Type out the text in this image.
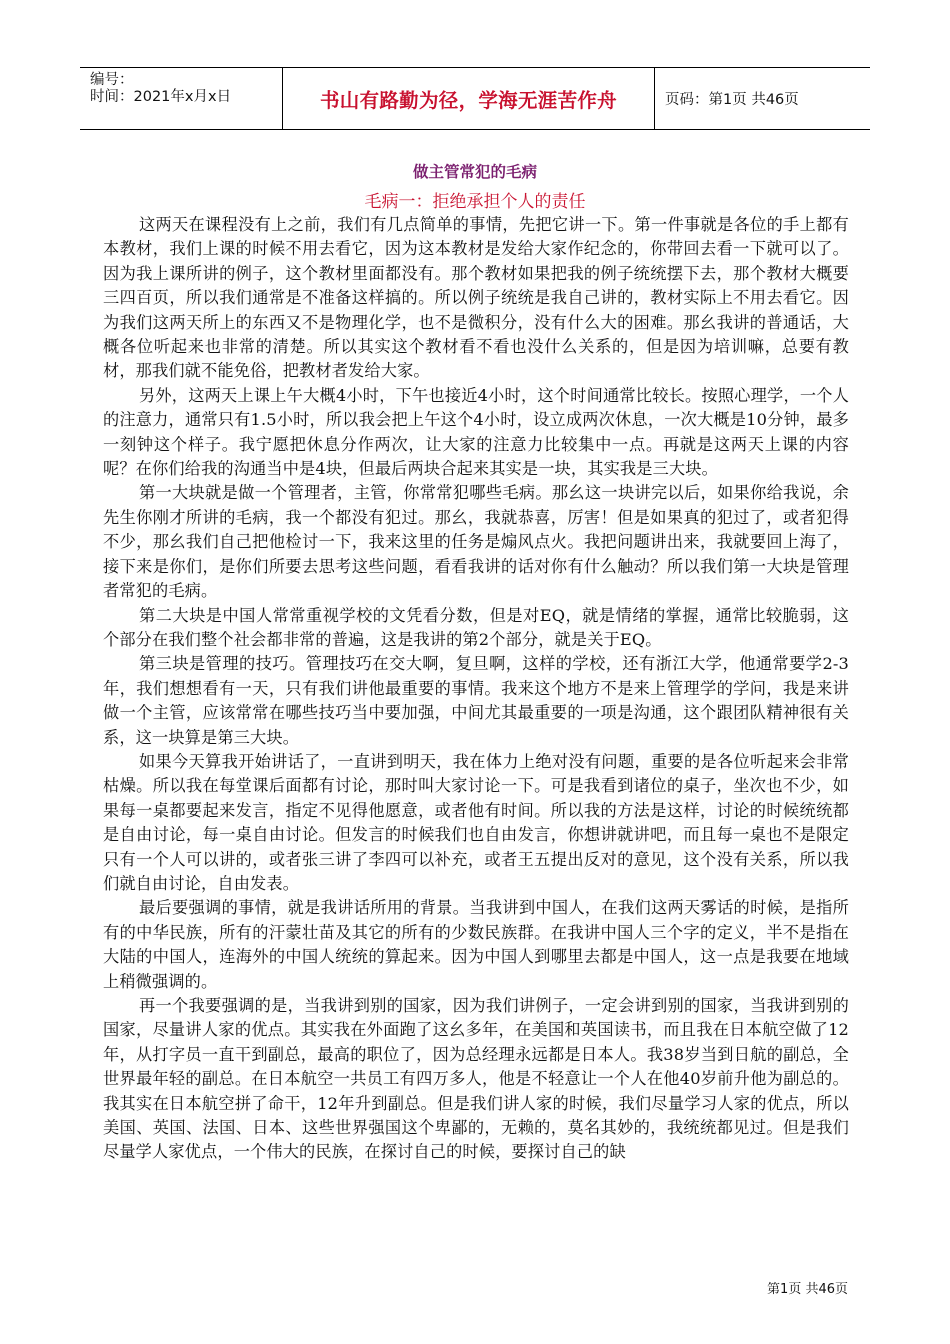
编号：
时间：2021年x月x日	书山有路勤为径，学海无涯苦作舟	页码：第1页 共46页
做主管常犯的毛病
毛病一：拒绝承担个人的责任

这两天在课程没有上之前，我们有几点简单的事情，先把它讲一下。第一件事就是各位的手上都有本教材，我们上课的时候不用去看它，因为这本教材是发给大家作纪念的，你带回去看一下就可以了。因为我上课所讲的例子，这个教材里面都没有。那个教材如果把我的例子统统摆下去，那个教材大概要三四百页，所以我们通常是不准备这样搞的。所以例子统统是我自己讲的，教材实际上不用去看它。因为我们这两天所上的东西又不是物理化学，也不是微积分，没有什么大的困难。那幺我讲的普通话，大概各位听起来也非常的清楚。所以其实这个教材看不看也没什么关系的，但是因为培训嘛，总要有教材，那我们就不能免俗，把教材者发给大家。

另外，这两天上课上午大概4小时，下午也接近4小时，这个时间通常比较长。按照心理学，一个人的注意力，通常只有1.5小时，所以我会把上午这个4小时，设立成两次休息，一次大概是10分钟，最多一刻钟这个样子。我宁愿把休息分作两次，让大家的注意力比较集中一点。再就是这两天上课的内容呢？在你们给我的沟通当中是4块，但最后两块合起来其实是一块，其实我是三大块。

第一大块就是做一个管理者，主管，你常常犯哪些毛病。那幺这一块讲完以后，如果你给我说，余先生你刚才所讲的毛病，我一个都没有犯过。那幺，我就恭喜，厉害！但是如果真的犯过了，或者犯得不少，那幺我们自己把他检讨一下，我来这里的任务是煽风点火。我把问题讲出来，我就要回上海了，接下来是你们，是你们所要去思考这些问题，看看我讲的话对你有什么触动？所以我们第一大块是管理者常犯的毛病。

第二大块是中国人常常重视学校的文凭看分数，但是对EQ，就是情绪的掌握，通常比较脆弱，这个部分在我们整个社会都非常的普遍，这是我讲的第2个部分，就是关于EQ。

第三块是管理的技巧。管理技巧在交大啊，复旦啊，这样的学校，还有浙江大学，他通常要学2-3年，我们想想看有一天，只有我们讲他最重要的事情。我来这个地方不是来上管理学的学问，我是来讲做一个主管，应该常常在哪些技巧当中要加强，中间尤其最重要的一项是沟通，这个跟团队精神很有关系，这一块算是第三大块。

如果今天算我开始讲话了，一直讲到明天，我在体力上绝对没有问题，重要的是各位听起来会非常枯燥。所以我在每堂课后面都有讨论，那时叫大家讨论一下。可是我看到诸位的桌子，坐次也不少，如果每一桌都要起来发言，指定不见得他愿意，或者他有时间。所以我的方法是这样，讨论的时候统统都是自由讨论，每一桌自由讨论。但发言的时候我们也自由发言，你想讲就讲吧，而且每一桌也不是限定只有一个人可以讲的，或者张三讲了李四可以补充，或者王五提出反对的意见，这个没有关系，所以我们就自由讨论，自由发表。

最后要强调的事情，就是我讲话所用的背景。当我讲到中国人，在我们这两天雾话的时候，是指所有的中华民族，所有的汗蒙壮苗及其它的所有的少数民族群。在我讲中国人三个字的定义，半不是指在大陆的中国人，连海外的中国人统统的算起来。因为中国人到哪里去都是中国人，这一点是我要在地域上稍微强调的。

再一个我要强调的是，当我讲到别的国家，因为我们讲例子，一定会讲到别的国家，当我讲到别的国家，尽量讲人家的优点。其实我在外面跑了这幺多年，在美国和英国读书，而且我在日本航空做了12年，从打字员一直干到副总，最高的职位了，因为总经理永远都是日本人。我38岁当到日航的副总，全世界最年轻的副总。在日本航空一共员工有四万多人，他是不轻意让一个人在他40岁前升他为副总的。我其实在日本航空拼了命干，12年升到副总。但是我们讲人家的时候，我们尽量学习人家的优点，所以美国、英国、法国、日本、这些世界强国这个卑鄙的，无赖的，莫名其妙的，我统统都见过。但是我们尽量学人家优点，一个伟大的民族，在探讨自己的时候，要探讨自己的缺

第1页 共46页
